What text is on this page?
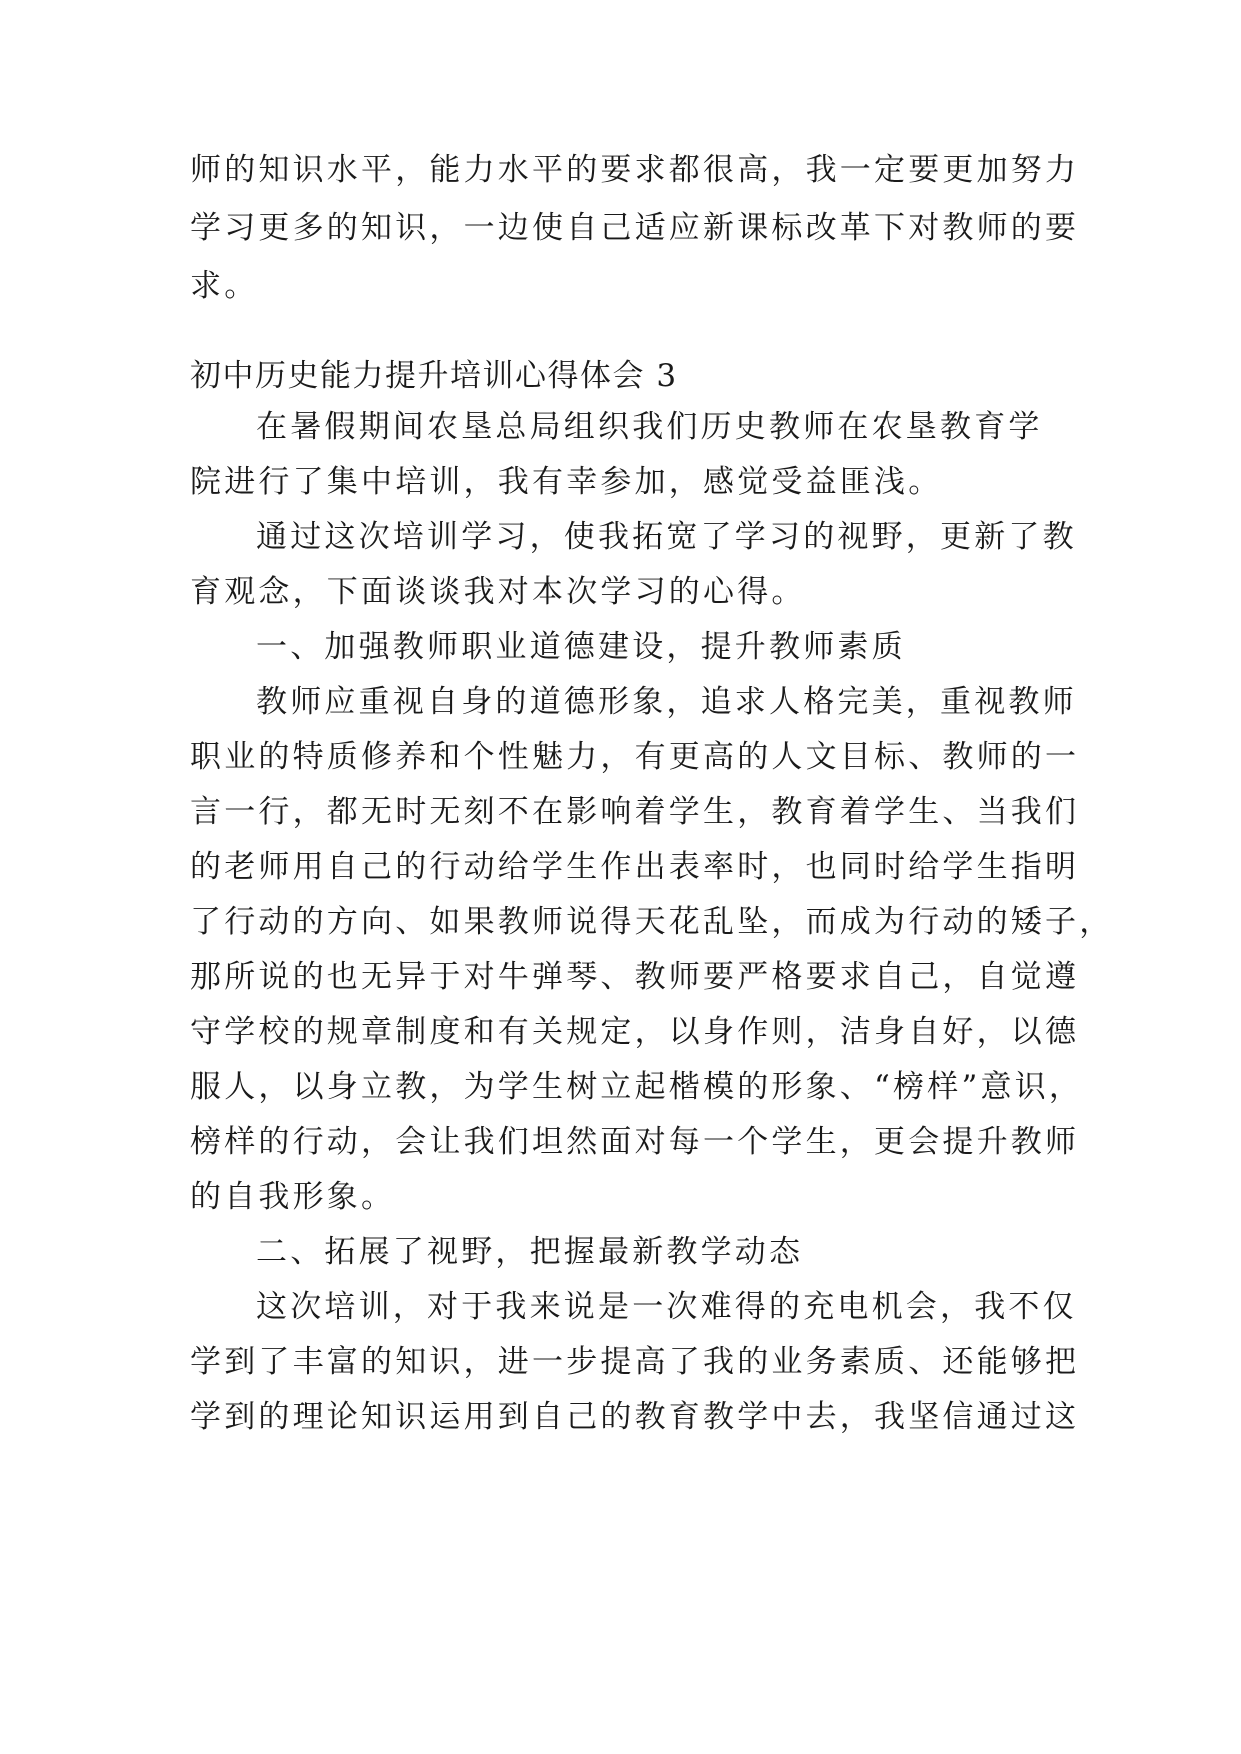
师的知识水平，能力水平的要求都很高，我一定要更加努力
学习更多的知识，一边使自己适应新课标改革下对教师的要
求。
初中历史能力提升培训心得体会 3
在暑假期间农垦总局组织我们历史教师在农垦教育学
院进行了集中培训，我有幸参加，感觉受益匪浅。
通过这次培训学习，使我拓宽了学习的视野，更新了教
育观念，下面谈谈我对本次学习的心得。
一、加强教师职业道德建设，提升教师素质
教师应重视自身的道德形象，追求人格完美，重视教师
职业的特质修养和个性魅力，有更高的人文目标、教师的一
言一行，都无时无刻不在影响着学生，教育着学生、当我们
的老师用自己的行动给学生作出表率时，也同时给学生指明
了行动的方向、如果教师说得天花乱坠，而成为行动的矮子，
那所说的也无异于对牛弹琴、教师要严格要求自己，自觉遵
守学校的规章制度和有关规定，以身作则，洁身自好，以德
服人，以身立教，为学生树立起楷模的形象、“榜样”意识，
榜样的行动，会让我们坦然面对每一个学生，更会提升教师
的自我形象。
二、拓展了视野，把握最新教学动态
这次培训，对于我来说是一次难得的充电机会，我不仅
学到了丰富的知识，进一步提高了我的业务素质、还能够把
学到的理论知识运用到自己的教育教学中去，我坚信通过这
